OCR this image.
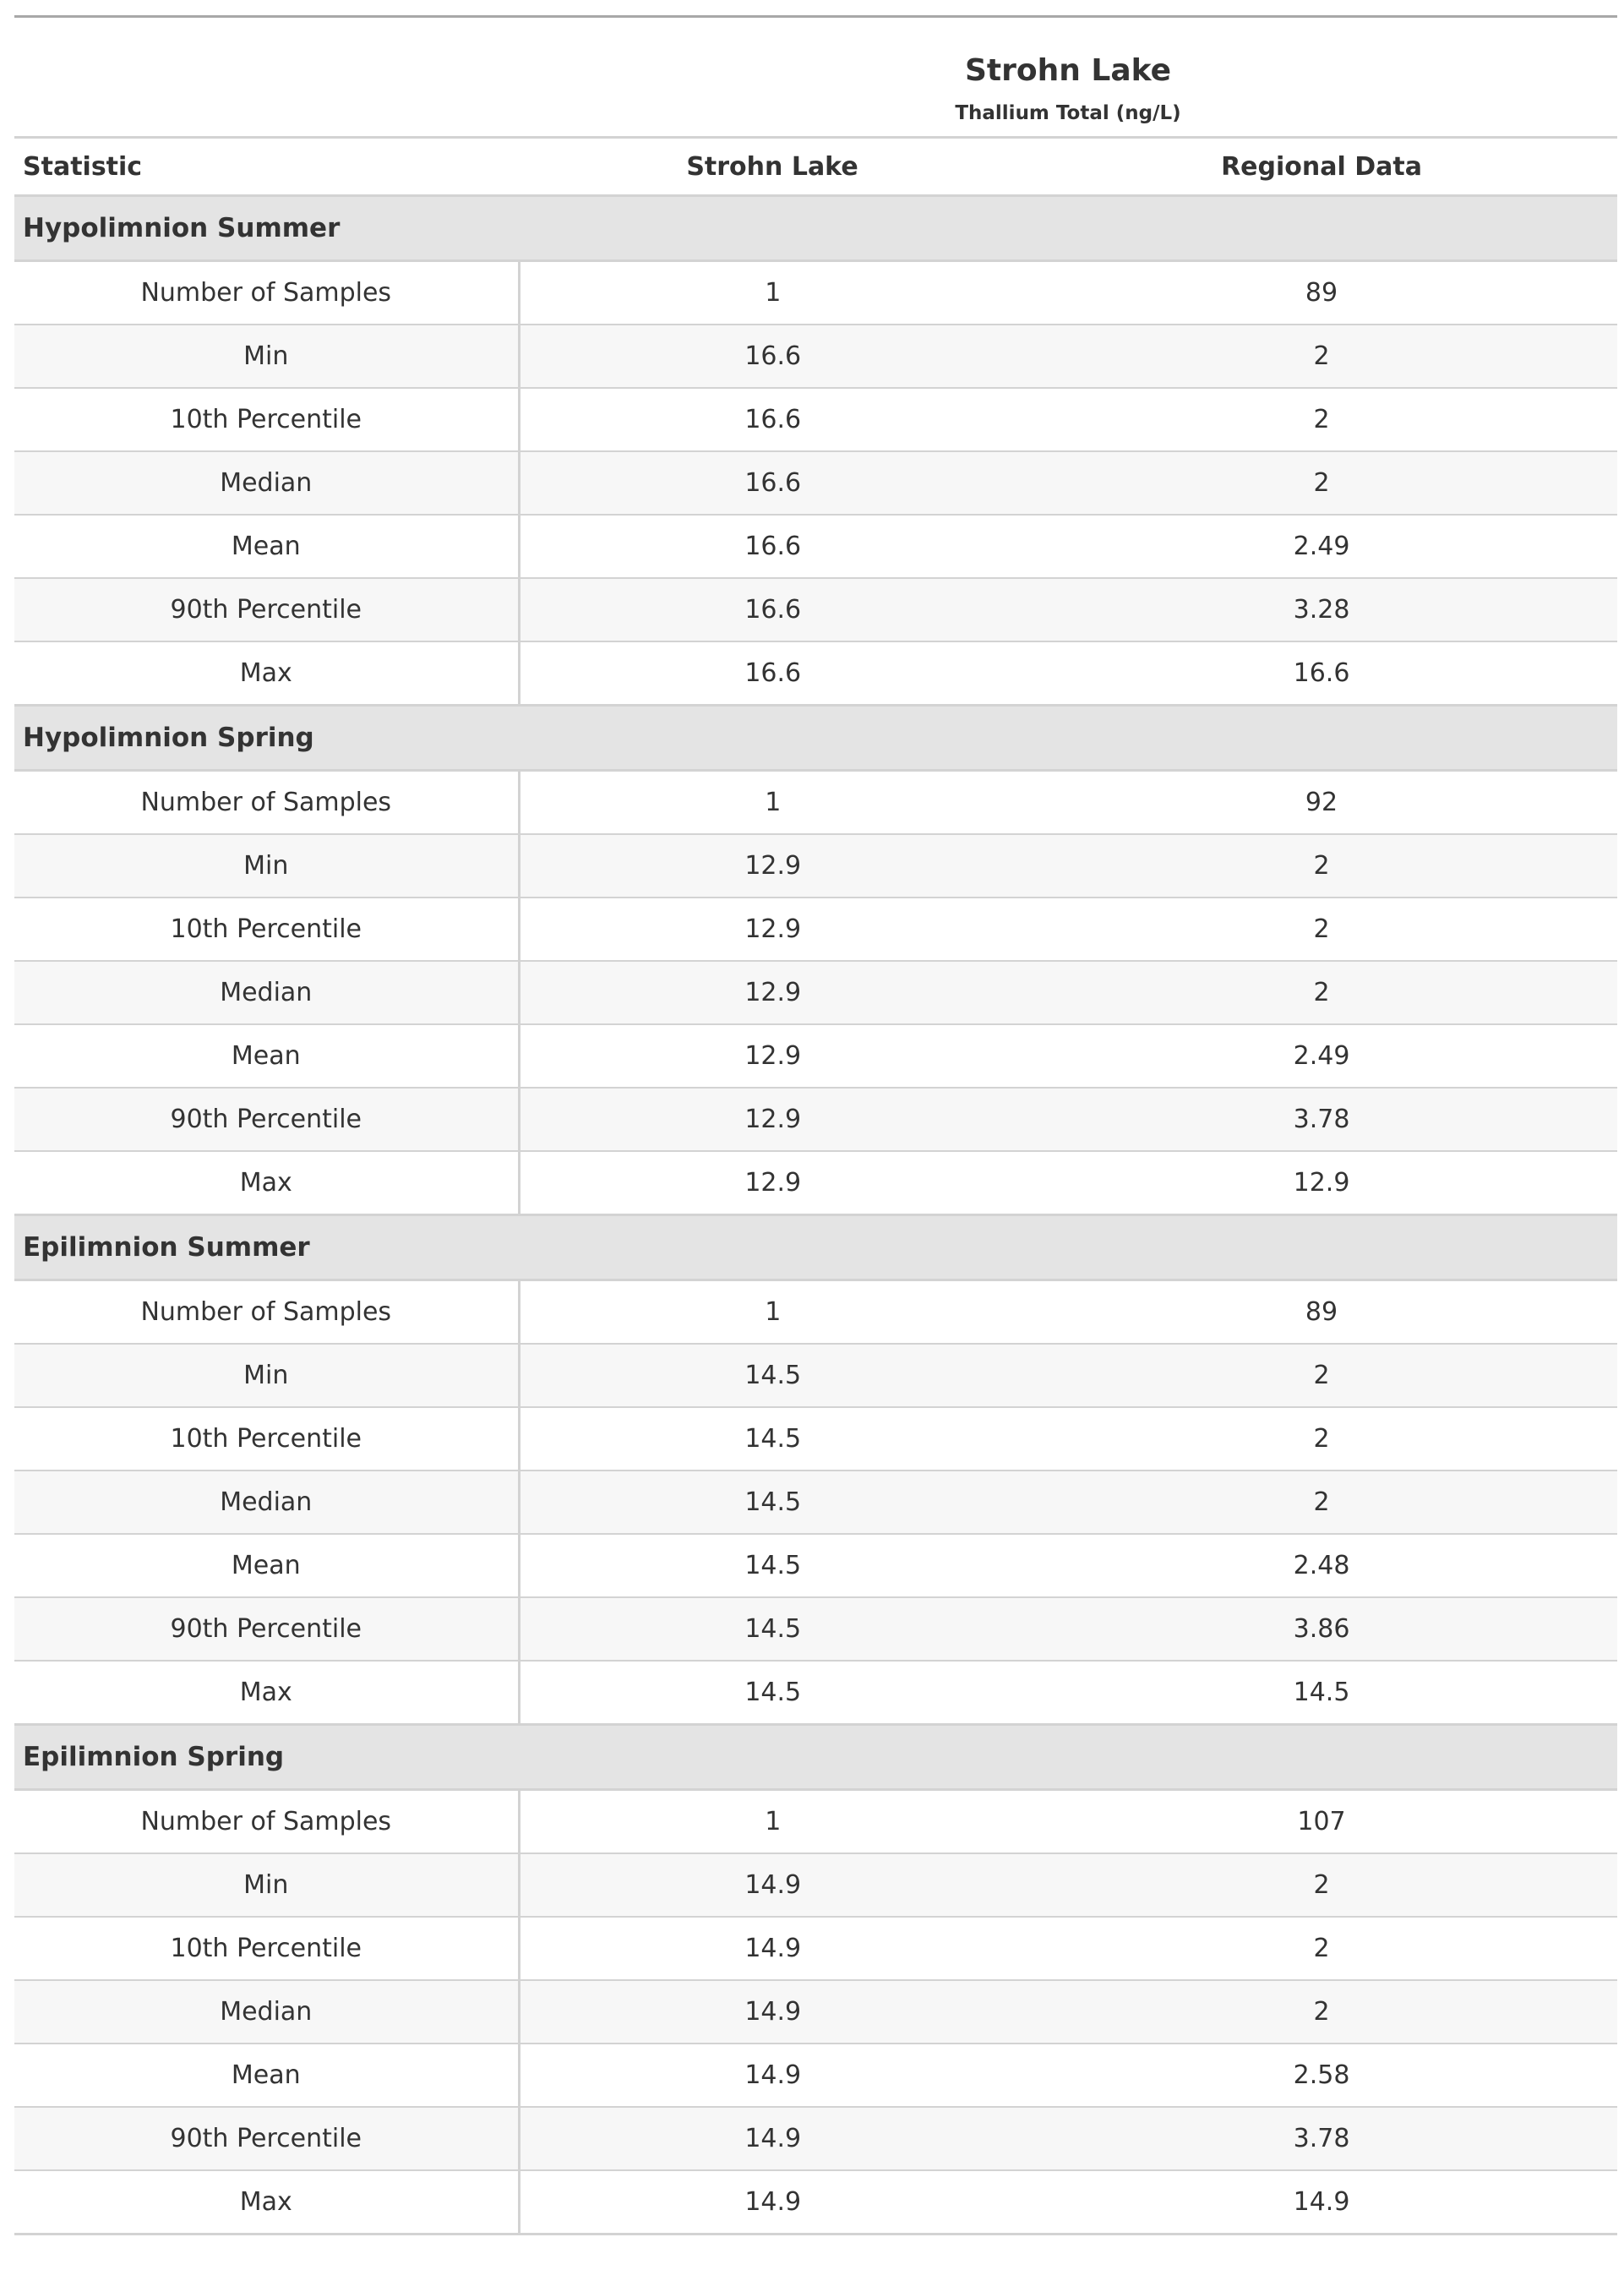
	Strohn Lake	
	Thallium Total (ng/L)	
Statistic	Strohn Lake	Regional Data
Hypolimnion Summer		
Number of Samples	1	89
Min	16.6	2
10th Percentile	16.6	2
Median	16.6	2
Mean	16.6	2.49
90th Percentile	16.6	3.28
Max	16.6	16.6
Hypolimnion Spring		
Number of Samples	1	92
Min	12.9	2
10th Percentile	12.9	2
Median	12.9	2
Mean	12.9	2.49
90th Percentile	12.9	3.78
Max	12.9	12.9
Epilimnion Summer		
Number of Samples	1	89
Min	14.5	2
10th Percentile	14.5	2
Median	14.5	2
Mean	14.5	2.48
90th Percentile	14.5	3.86
Max	14.5	14.5
Epilimnion Spring		
Number of Samples	1	107
Min	14.9	2
10th Percentile	14.9	2
Median	14.9	2
Mean	14.9	2.58
90th Percentile	14.9	3.78
Max	14.9	14.9
